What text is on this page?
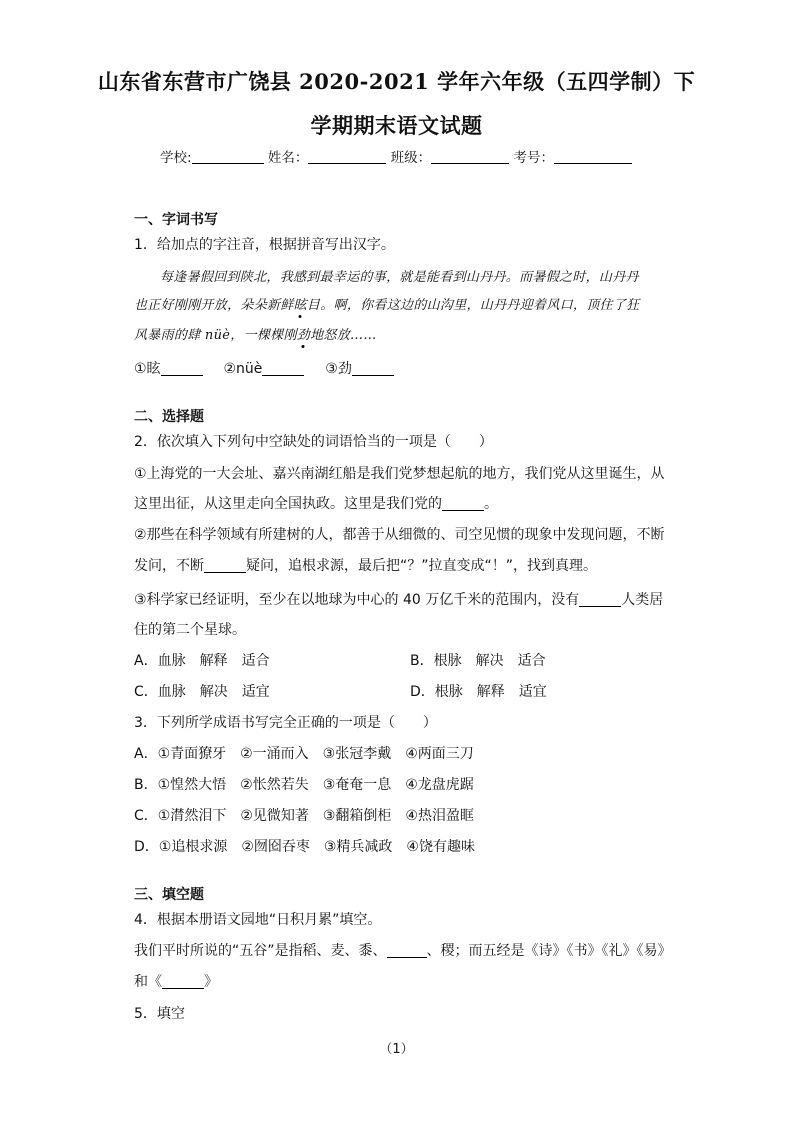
山东省东营市广饶县 2020-2021 学年六年级（五四学制）下
学期期末语文试题
学校:	姓名：	班级：	考号：
一、字词书写
1．给加点的字注音，根据拼音写出汉字。
每逢暑假回到陕北，我感到最幸运的事，就是能看到山丹丹。而暑假之时，山丹丹
也正好刚刚开放，朵朵新鲜眩目。啊，你看这边的山沟里，山丹丹迎着风口，顶住了狂
风暴雨的肆 nüè，一棵棵刚劲地怒放……
①眩	②nüè	③劲
二、选择题
2．依次填入下列句中空缺处的词语恰当的一项是（　　）
①上海党的一大会址、嘉兴南湖红船是我们党梦想起航的地方，我们党从这里诞生，从
这里出征，从这里走向全国执政。这里是我们党的	。
②那些在科学领域有所建树的人，都善于从细微的、司空见惯的现象中发现问题，不断
发问，不断	疑问，追根求源，最后把“？”拉直变成“！”，找到真理。
③科学家已经证明，至少在以地球为中心的 40 万亿千米的范围内，没有	人类居
住的第二个星球。
A．血脉　解释　适合	B．根脉　解决　适合
C．血脉　解决　适宜	D．根脉　解释　适宜
3．下列所学成语书写完全正确的一项是（　　）
A．①青面獠牙　②一涌而入　③张冠李戴　④两面三刀
B．①惶然大悟　②怅然若失　③奄奄一息　④龙盘虎踞
C．①潸然泪下　②见微知著　③翻箱倒柜　④热泪盈眶
D．①追根求源　②囫囵吞枣　③精兵减政　④饶有趣味
三、填空题
4．根据本册语文园地“日积月累”填空。
我们平时所说的“五谷”是指稻、麦、黍、	、稷；而五经是《诗》《书》《礼》《易》
和《	》
5．填空
（1）
